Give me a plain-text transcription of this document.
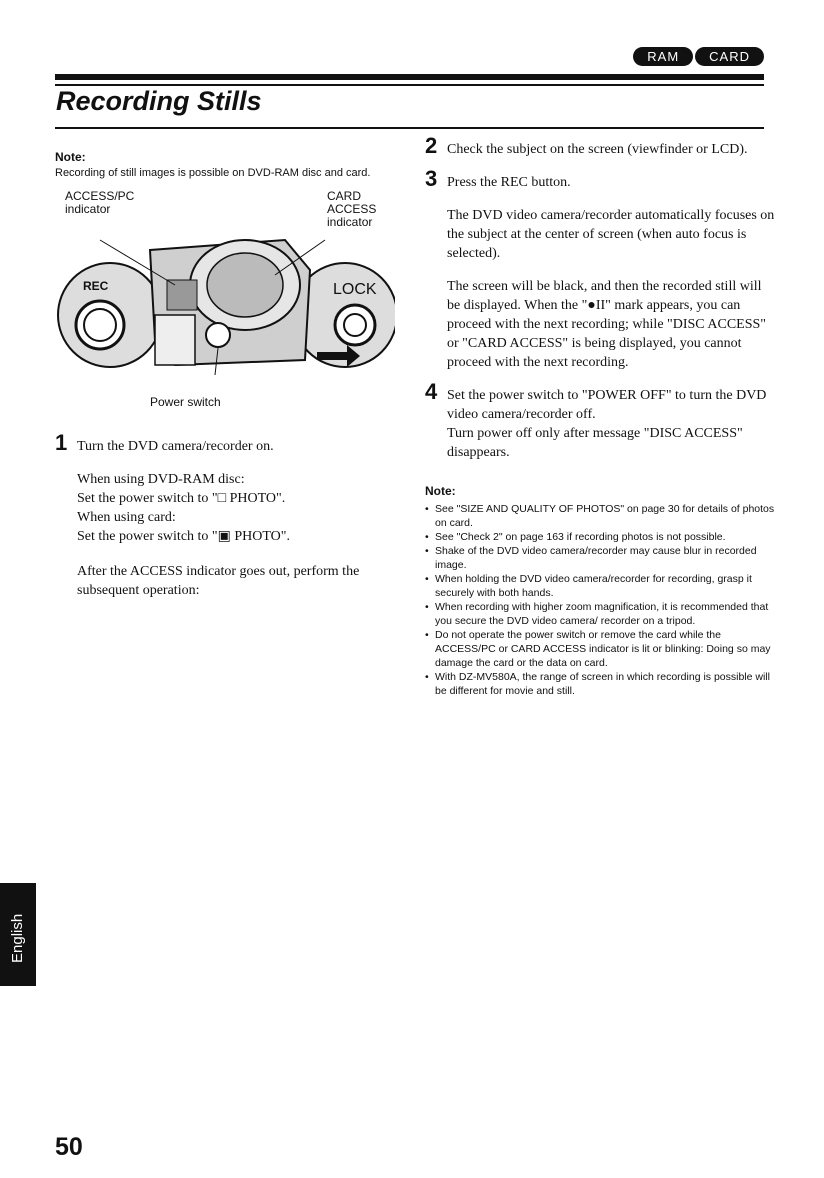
RAM	CARD
Recording Stills

Note:

Recording of still images is possible on DVD-RAM disc and card.

ACCESS/PC indicator
CARD ACCESS indicator
REC	LOCK
Power switch

1 Turn the DVD camera/recorder on.

When using DVD-RAM disc:

Set the power switch to "□ PHOTO".

When using card:

Set the power switch to "▣ PHOTO".

After the ACCESS indicator goes out, perform the subsequent operation:

2 Check the subject on the screen (viewfinder or LCD).

3 Press the REC button.

The DVD video camera/recorder automatically focuses on the subject at the center of screen (when auto focus is selected).

The screen will be black, and then the recorded still will be displayed. When the "●II" mark appears, you can proceed with the next recording; while "DISC ACCESS" or "CARD ACCESS" is being displayed, you cannot proceed with the next recording.

4 Set the power switch to "POWER OFF" to turn the DVD video camera/recorder off.

Turn power off only after message "DISC ACCESS" disappears.

Note:

• See "SIZE AND QUALITY OF PHOTOS" on page 30 for details of photos on card.
• See "Check 2" on page 163 if recording photos is not possible.
• Shake of the DVD video camera/recorder may cause blur in recorded image.
• When holding the DVD video camera/recorder for recording, grasp it securely with both hands.
• When recording with higher zoom magnification, it is recommended that you secure the DVD video camera/ recorder on a tripod.
• Do not operate the power switch or remove the card while the ACCESS/PC or CARD ACCESS indicator is lit or blinking: Doing so may damage the card or the data on card.
• With DZ-MV580A, the range of screen in which recording is possible will be different for movie and still.
English

50
